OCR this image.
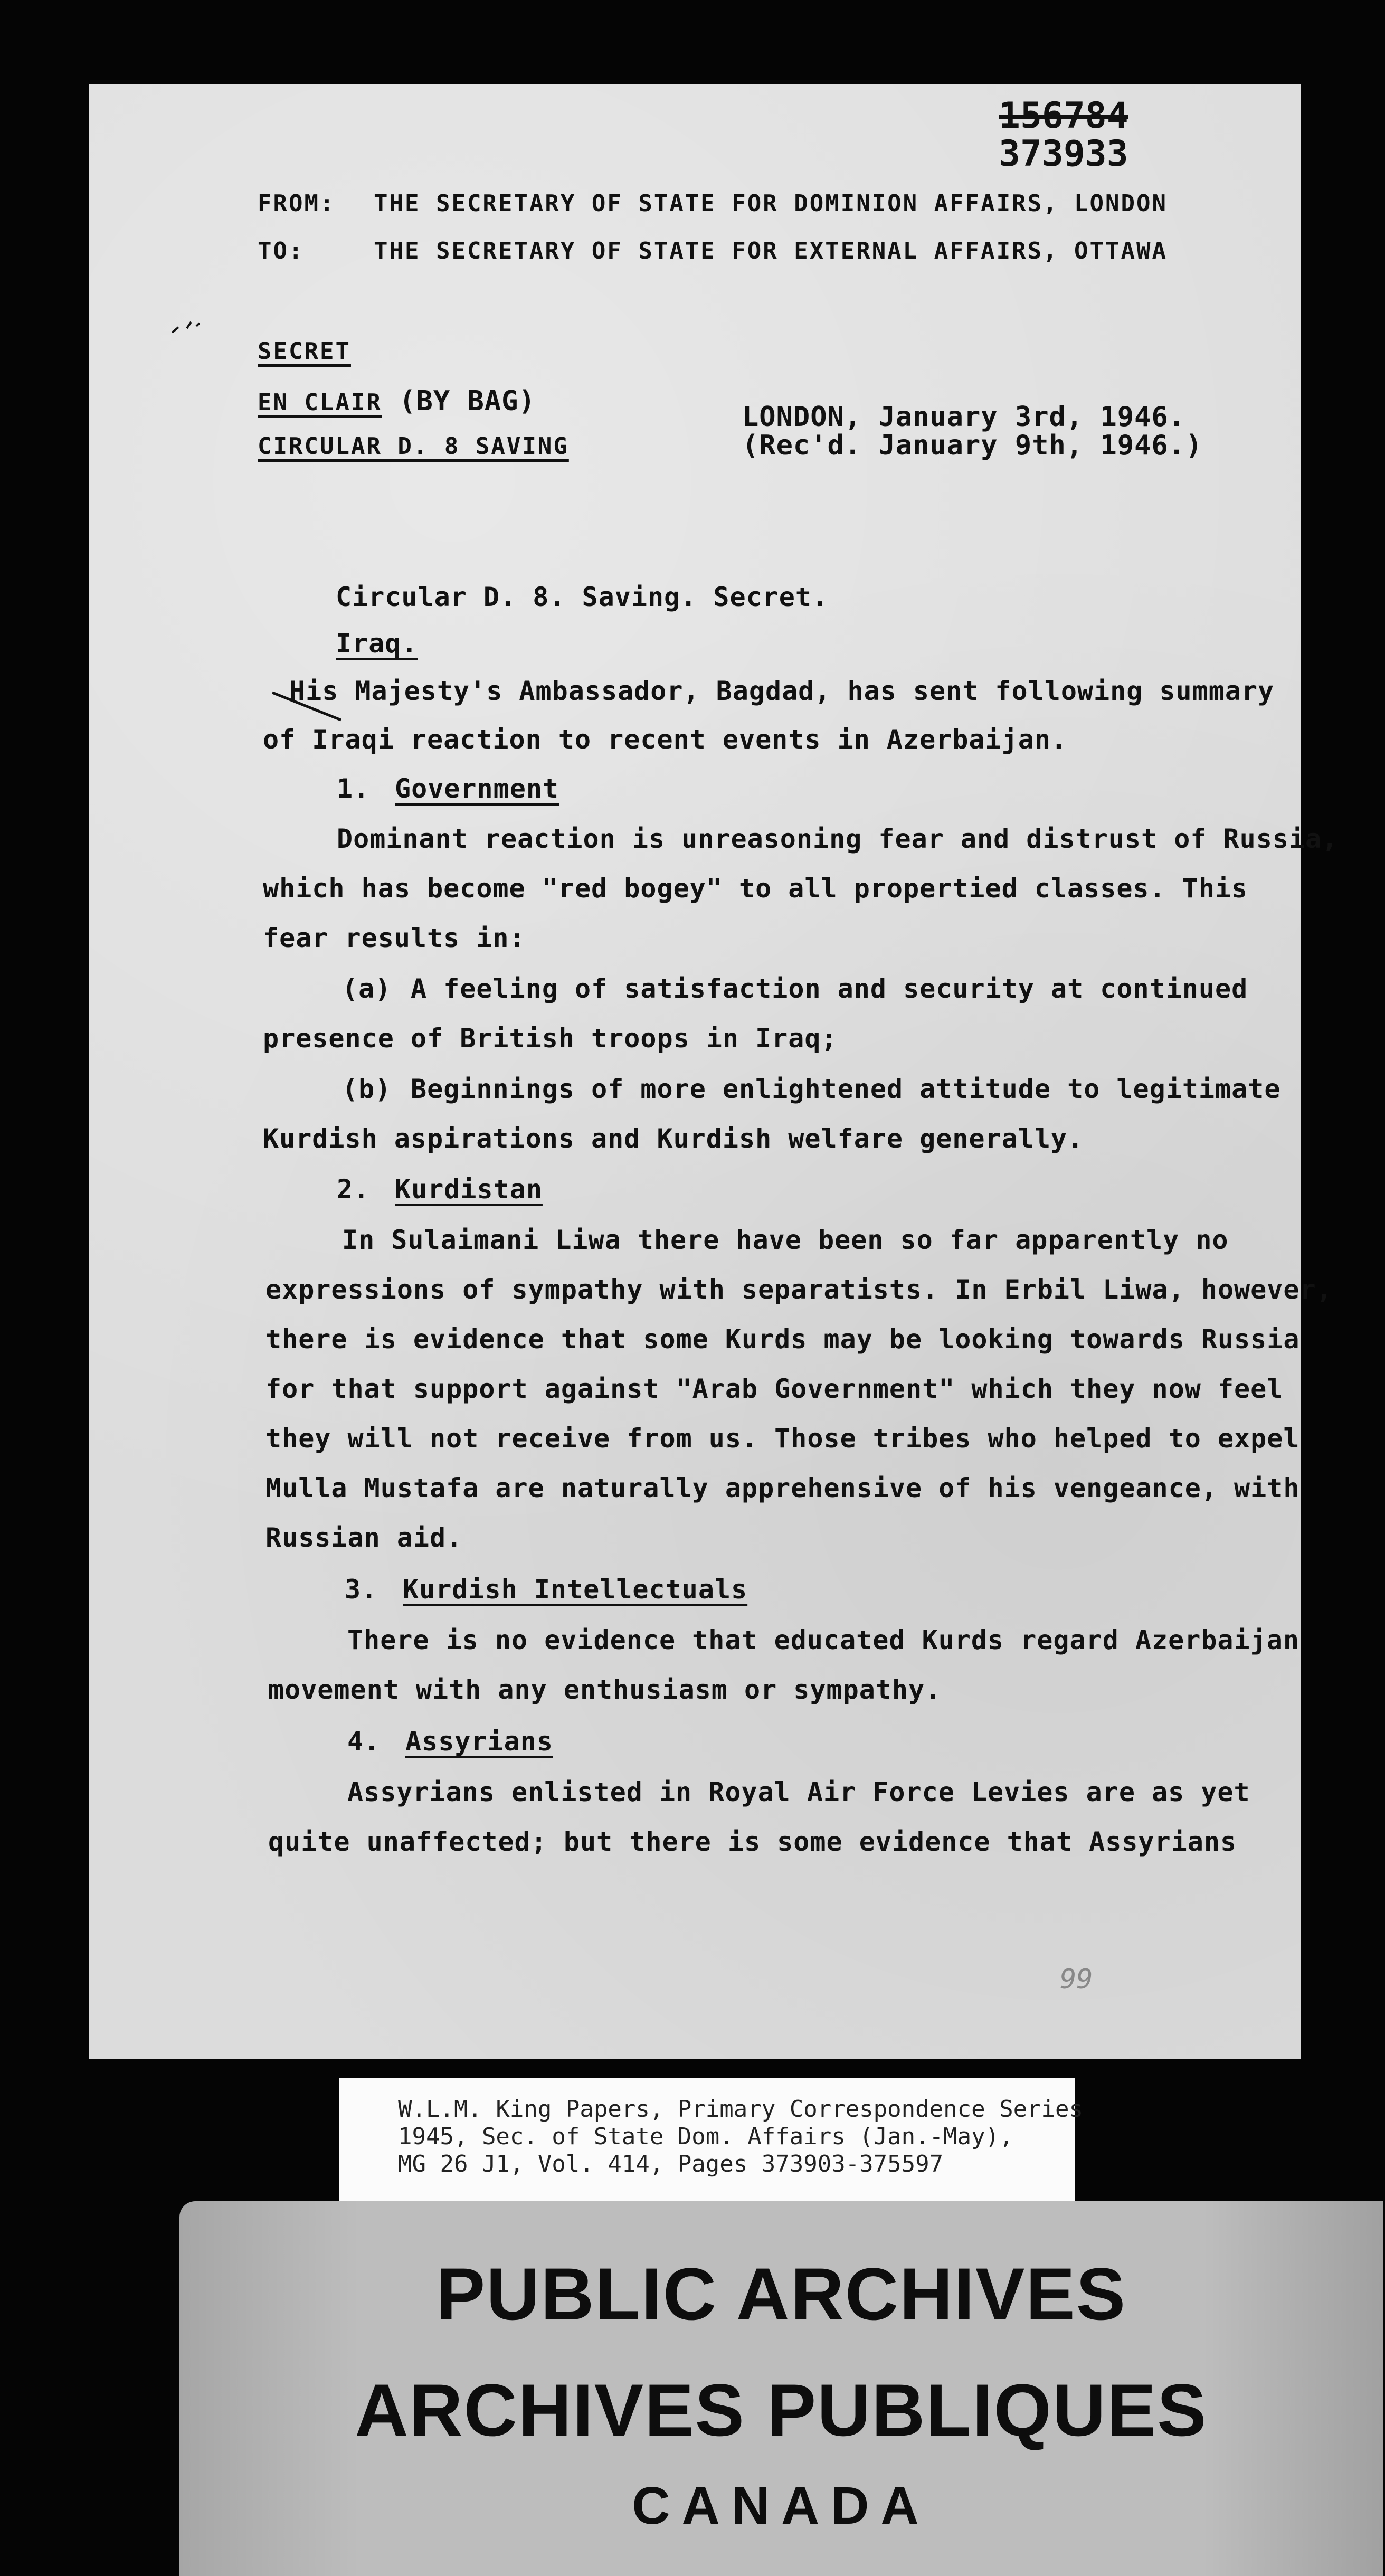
156784
373933
FROM: THE SECRETARY OF STATE FOR DOMINION AFFAIRS, LONDON
TO:	THE SECRETARY OF STATE FOR EXTERNAL AFFAIRS, OTTAWA
SECRET
EN CLAIR (BY BAG)
CIRCULAR D. 8 SAVING
LONDON, January 3rd, 1946.
(Rec'd. January 9th, 1946.)
Circular D. 8. Saving. Secret.
Iraq.
His Majesty's Ambassador, Bagdad, has sent following summary
of Iraqi reaction to recent events in Azerbaijan.
1. Government
Dominant reaction is unreasoning fear and distrust of Russia,
which has become "red bogey" to all propertied classes. This
fear results in:
(a) A feeling of satisfaction and security at continued
presence of British troops in Iraq;
(b) Beginnings of more enlightened attitude to legitimate
Kurdish aspirations and Kurdish welfare generally.
2. Kurdistan
In Sulaimani Liwa there have been so far apparently no
expressions of sympathy with separatists. In Erbil Liwa, however,
there is evidence that some Kurds may be looking towards Russia
for that support against "Arab Government" which they now feel
they will not receive from us. Those tribes who helped to expel
Mulla Mustafa are naturally apprehensive of his vengeance, with
Russian aid.
3. Kurdish Intellectuals
There is no evidence that educated Kurds regard Azerbaijan
movement with any enthusiasm or sympathy.
4. Assyrians
Assyrians enlisted in Royal Air Force Levies are as yet
quite unaffected; but there is some evidence that Assyrians
99
W.L.M. King Papers, Primary Correspondence Series
1945, Sec. of State Dom. Affairs (Jan.-May),
MG 26 J1, Vol. 414, Pages 373903-375597
PUBLIC ARCHIVES
ARCHIVES PUBLIQUES
CANADA
